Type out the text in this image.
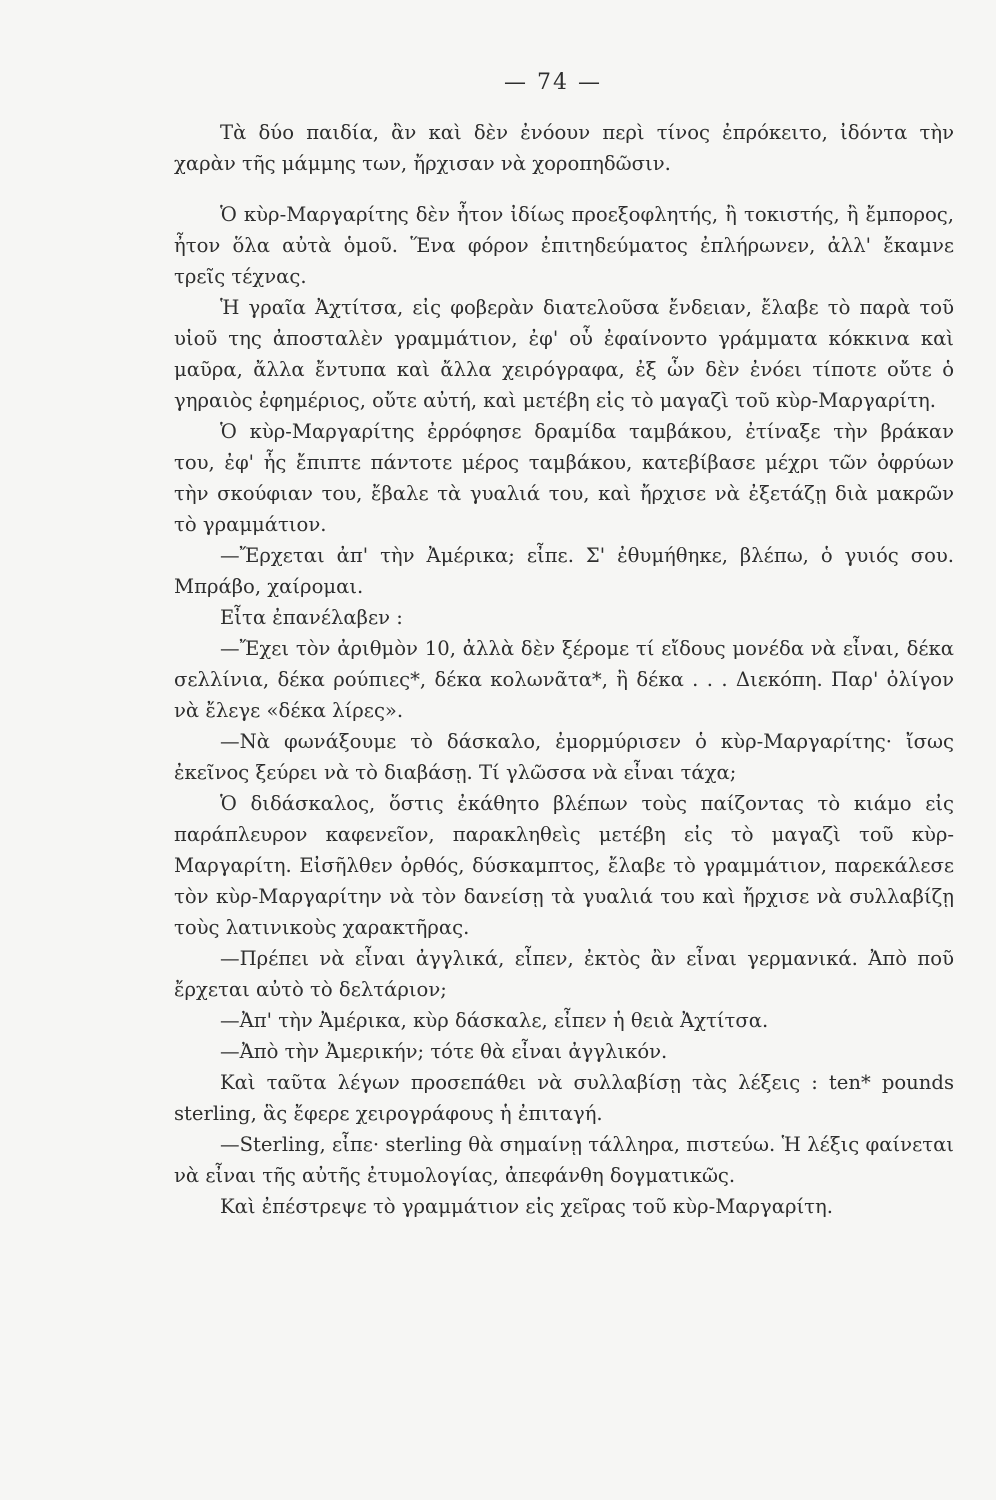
— 74 —

Τὰ δύο παιδία, ἂν καὶ δὲν ἐνόουν περὶ τίνος ἐπρόκειτο, ἰδόντα τὴν χαρὰν τῆς μάμμης των, ἤρχισαν νὰ χοροπηδῶσιν.

Ὁ κὺρ-Μαργαρίτης δὲν ἦτον ἰδίως προεξοφλητής, ἢ τοκιστής, ἢ ἔμπορος, ἦτον ὅλα αὐτὰ ὁμοῦ. Ἕνα φόρον ἐπιτηδεύματος ἐπλήρωνεν, ἀλλ' ἔκαμνε τρεῖς τέχνας.

Ἡ γραῖα Ἀχτίτσα, εἰς φοβερὰν διατελοῦσα ἔνδειαν, ἔλαβε τὸ παρὰ τοῦ υἱοῦ της ἀποσταλὲν γραμμάτιον, ἐφ' οὗ ἐφαίνοντο γράμματα κόκκινα καὶ μαῦρα, ἄλλα ἔντυπα καὶ ἄλλα χειρόγραφα, ἐξ ὧν δὲν ἐνόει τίποτε οὔτε ὁ γηραιὸς ἐφημέριος, οὔτε αὐτή, καὶ μετέβη εἰς τὸ μαγαζὶ τοῦ κὺρ-Μαργαρίτη.

Ὁ κὺρ-Μαργαρίτης ἐρρόφησε δραμίδα ταμβάκου, ἐτίναξε τὴν βράκαν του, ἐφ' ἧς ἔπιπτε πάντοτε μέρος ταμβάκου, κατεβίβασε μέχρι τῶν ὀφρύων τὴν σκούφιαν του, ἔβαλε τὰ γυαλιά του, καὶ ἤρχισε νὰ ἐξετάζῃ διὰ μακρῶν τὸ γραμμάτιον.

—Ἔρχεται ἀπ' τὴν Ἀμέρικα; εἶπε. Σ' ἐθυμήθηκε, βλέπω, ὁ γυιός σου. Μπράβο, χαίρομαι.

Εἶτα ἐπανέλαβεν :

—Ἔχει τὸν ἀριθμὸν 10, ἀλλὰ δὲν ξέρομε τί εἴδους μονέδα νὰ εἶναι, δέκα σελλίνια, δέκα ρούπιες*, δέκα κολωνᾶτα*, ἢ δέκα . . . Διεκόπη. Παρ' ὀλίγον νὰ ἔλεγε «δέκα λίρες».

—Νὰ φωνάξουμε τὸ δάσκαλο, ἐμορμύρισεν ὁ κὺρ-Μαργαρίτης· ἴσως ἐκεῖνος ξεύρει νὰ τὸ διαβάσῃ. Τί γλῶσσα νὰ εἶναι τάχα;

Ὁ διδάσκαλος, ὅστις ἐκάθητο βλέπων τοὺς παίζοντας τὸ κιάμο εἰς παράπλευρον καφενεῖον, παρακληθεὶς μετέβη εἰς τὸ μαγαζὶ τοῦ κὺρ-Μαργαρίτη. Εἰσῆλθεν ὀρθός, δύσκαμπτος, ἔλαβε τὸ γραμμάτιον, παρεκάλεσε τὸν κὺρ-Μαργαρίτην νὰ τὸν δανείσῃ τὰ γυαλιά του καὶ ἤρχισε νὰ συλλαβίζῃ τοὺς λατινικοὺς χαρακτῆρας.

—Πρέπει νὰ εἶναι ἀγγλικά, εἶπεν, ἐκτὸς ἂν εἶναι γερμανικά. Ἀπὸ ποῦ ἔρχεται αὐτὸ τὸ δελτάριον;

—Ἀπ' τὴν Ἀμέρικα, κὺρ δάσκαλε, εἶπεν ἡ θειὰ Ἀχτίτσα.

—Ἀπὸ τὴν Ἀμερικήν; τότε θὰ εἶναι ἀγγλικόν.

Καὶ ταῦτα λέγων προσεπάθει νὰ συλλαβίσῃ τὰς λέξεις : ten* pounds sterling, ἃς ἔφερε χειρογράφους ἡ ἐπιταγή.

—Sterling, εἶπε· sterling θὰ σημαίνῃ τάλληρα, πιστεύω. Ἡ λέξις φαίνεται νὰ εἶναι τῆς αὐτῆς ἐτυμολογίας, ἀπεφάνθη δογματικῶς.

Καὶ ἐπέστρεψε τὸ γραμμάτιον εἰς χεῖρας τοῦ κὺρ-Μαργαρίτη.
